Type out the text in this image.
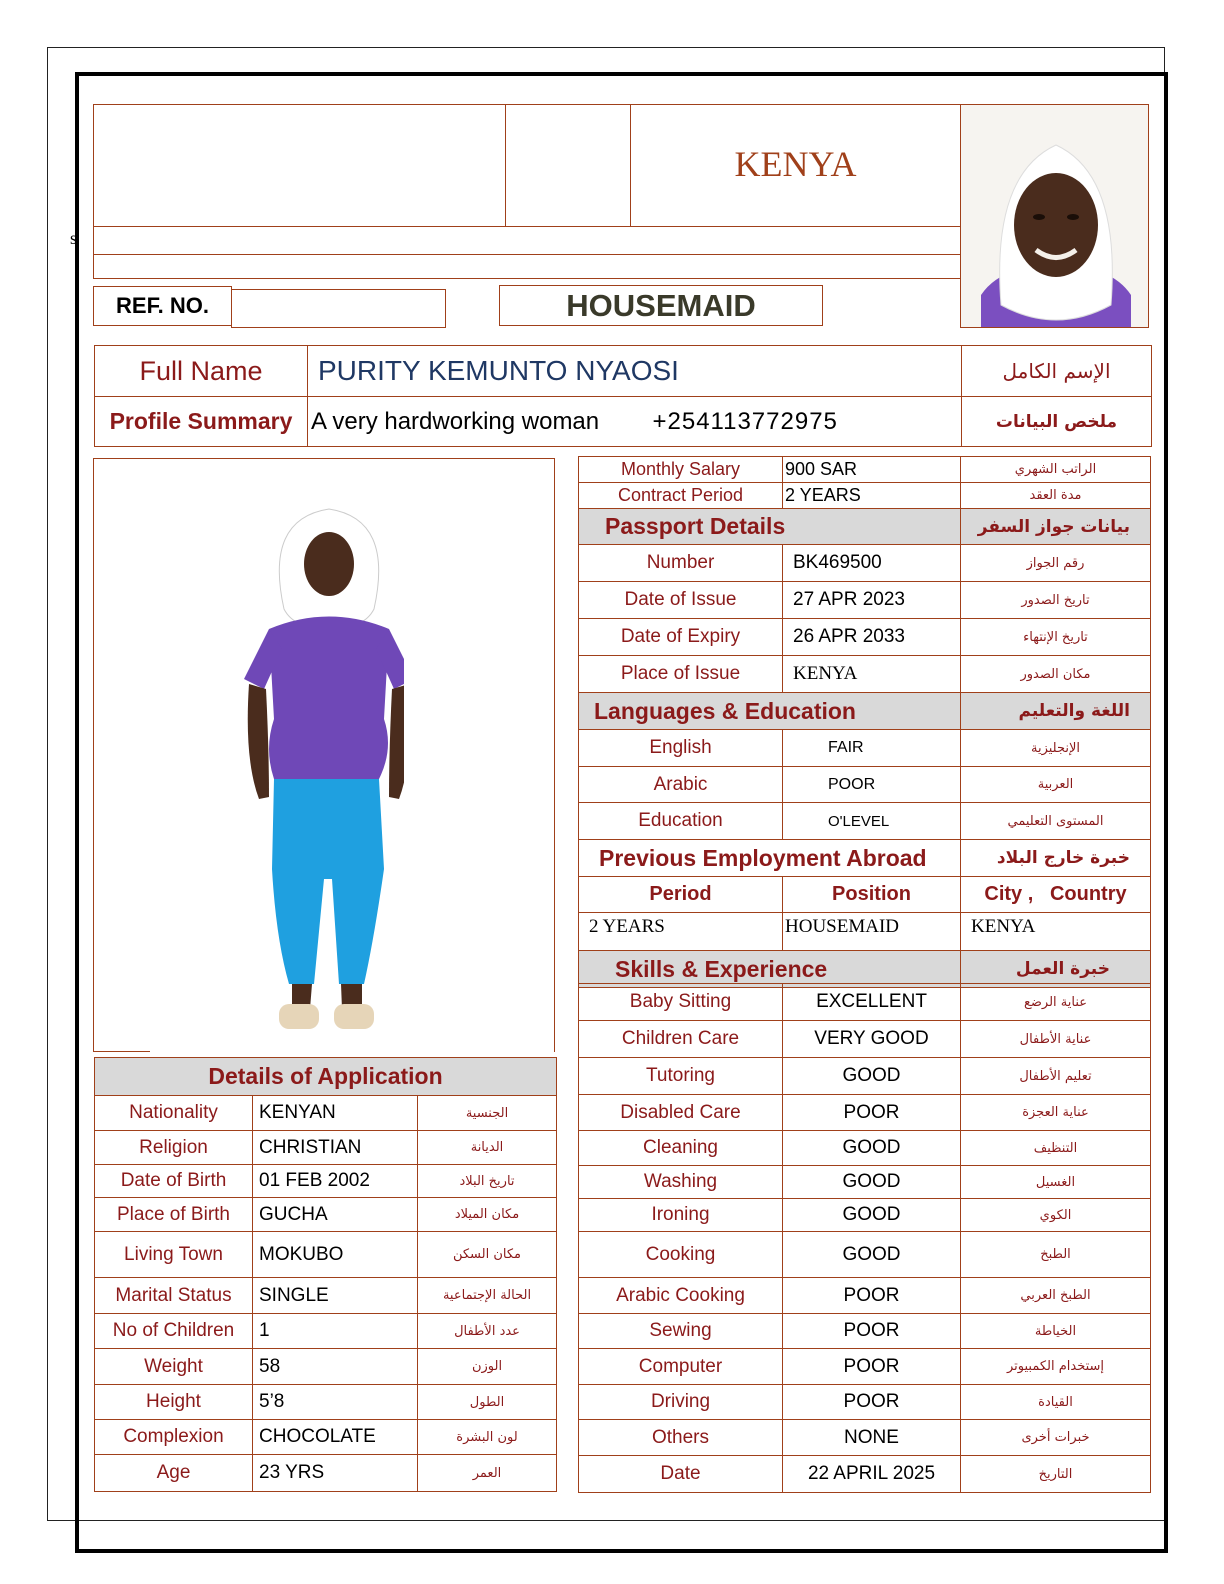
s
KENYA
REF. NO.	HOUSEMAID
Full Name	PURITY KEMUNTO NYAOSI	الإسم الكامل
Profile Summary	A very hardworking woman +254113772975	ملخص البيانات
Details of Application		
Nationality	KENYAN	الجنسية
Religion	CHRISTIAN	الديانة
Date of Birth	01 FEB 2002	تاريخ البلاد
Place of Birth	GUCHA	مكان الميلاد
Living Town	MOKUBO	مكان السكن
Marital Status	SINGLE	الحالة الإجتماعية
No of Children	1	عدد الأطفال
Weight	58	الوزن
Height	5’8	الطول
Complexion	CHOCOLATE	لون البشرة
Age	23 YRS	العمر
Monthly Salary	900 SAR	الراتب الشهري
Contract Period	2 YEARS	مدة العقد
Passport Details		بيانات جواز السفر
Number	BK469500	رقم الجواز
Date of Issue	27 APR 2023	تاريخ الصدور
Date of Expiry	26 APR 2033	تاريخ الإنتهاء
Place of Issue	KENYA	مكان الصدور
Languages & Education		اللغة والتعليم
English	FAIR	الإنجليزية
Arabic	POOR	العربية
Education	O'LEVEL	المستوى التعليمي
Previous Employment Abroad		خبرة خارج البلاد
Period	Position	City ,   Country
2 YEARS	HOUSEMAID	KENYA
Skills & Experience		خبرة العمل
Baby Sitting	EXCELLENT	عناية الرضع
Children Care	VERY GOOD	عناية الأطفال
Tutoring	GOOD	تعليم الأطفال
Disabled Care	POOR	عناية العجزة
Cleaning	GOOD	التنظيف
Washing	GOOD	الغسيل
Ironing	GOOD	الكوي
Cooking	GOOD	الطبخ
Arabic Cooking	POOR	الطبخ العربي
Sewing	POOR	الخياطة
Computer	POOR	إستخدام الكمبيوتر
Driving	POOR	القيادة
Others	NONE	خبرات أخرى
Date	22 APRIL 2025	التاريخ
